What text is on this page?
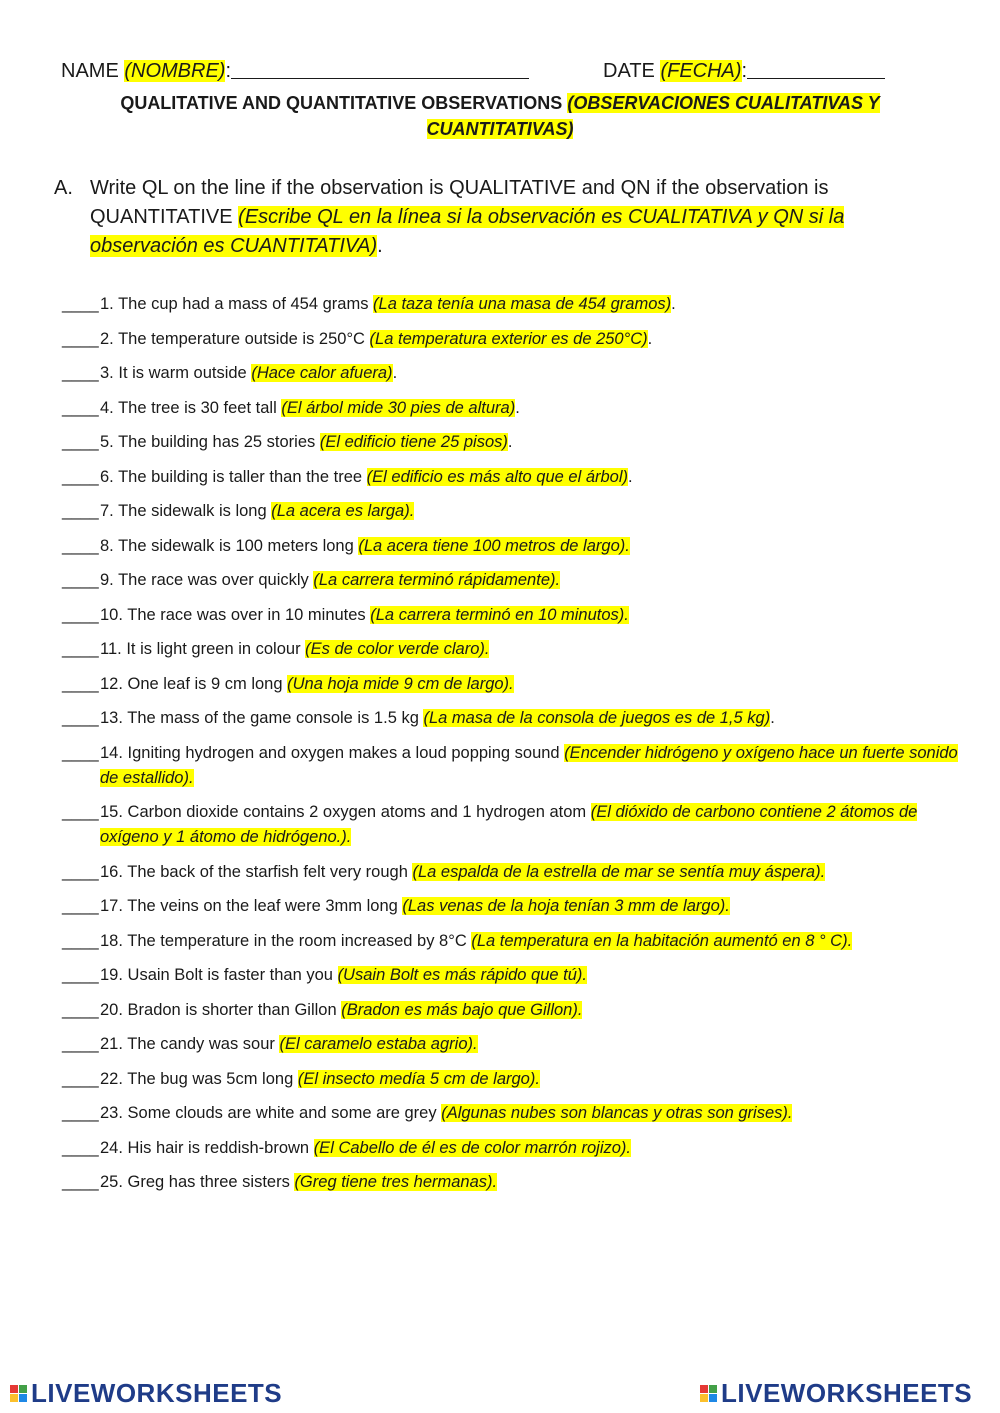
NAME (NOMBRE):	DATE (FECHA):
QUALITATIVE AND QUANTITATIVE OBSERVATIONS (OBSERVACIONES CUALITATIVAS Y CUANTITATIVAS)
A. Write QL on the line if the observation is QUALITATIVE and QN if the observation is QUANTITATIVE (Escribe QL en la línea si la observación es CUALITATIVA y QN si la observación es CUANTITATIVA).
____ 1. The cup had a mass of 454 grams (La taza tenía una masa de 454 gramos).
____ 2. The temperature outside is 250°C (La temperatura exterior es de 250°C).
____ 3. It is warm outside (Hace calor afuera).
____ 4. The tree is 30 feet tall (El árbol mide 30 pies de altura).
____ 5. The building has 25 stories (El edificio tiene 25 pisos).
____ 6. The building is taller than the tree (El edificio es más alto que el árbol).
____ 7. The sidewalk is long (La acera es larga).
____ 8. The sidewalk is 100 meters long (La acera tiene 100 metros de largo).
____ 9. The race was over quickly (La carrera terminó rápidamente).
____ 10. The race was over in 10 minutes (La carrera terminó en 10 minutos).
____ 11. It is light green in colour (Es de color verde claro).
____ 12. One leaf is 9 cm long (Una hoja mide 9 cm de largo).
____ 13. The mass of the game console is 1.5 kg (La masa de la consola de juegos es de 1,5 kg).
____ 14. Igniting hydrogen and oxygen makes a loud popping sound (Encender hidrógeno y oxígeno hace un fuerte sonido de estallido).
____ 15. Carbon dioxide contains 2 oxygen atoms and 1 hydrogen atom (El dióxido de carbono contiene 2 átomos de oxígeno y 1 átomo de hidrógeno.).
____ 16. The back of the starfish felt very rough (La espalda de la estrella de mar se sentía muy áspera).
____ 17. The veins on the leaf were 3mm long (Las venas de la hoja tenían 3 mm de largo).
____ 18. The temperature in the room increased by 8°C (La temperatura en la habitación aumentó en 8 ° C).
____ 19. Usain Bolt is faster than you (Usain Bolt es más rápido que tú).
____ 20. Bradon is shorter than Gillon (Bradon es más bajo que Gillon).
____ 21. The candy was sour (El caramelo estaba agrio).
____ 22. The bug was 5cm long (El insecto medía 5 cm de largo).
____ 23. Some clouds are white and some are grey (Algunas nubes son blancas y otras son grises).
____ 24. His hair is reddish-brown (El Cabello de él es de color marrón rojizo).
____ 25. Greg has three sisters (Greg tiene tres hermanas).
LIVEWORKSHEETS	LIVEWORKSHEETS
